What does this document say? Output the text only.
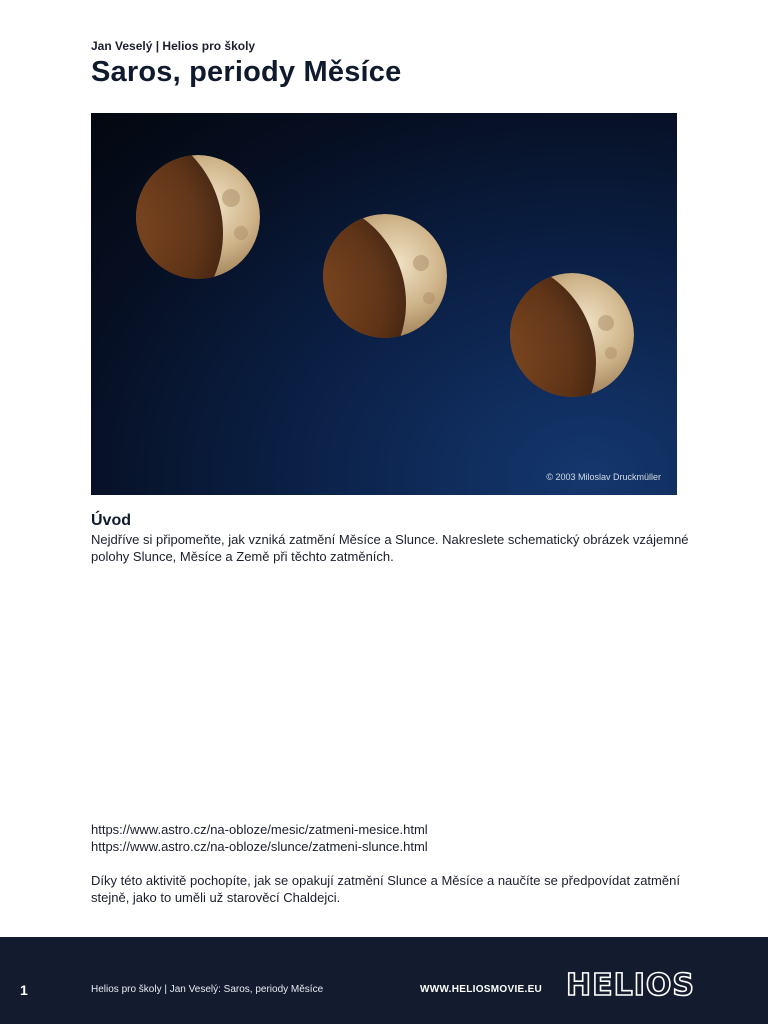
Jan Veselý | Helios pro školy
Saros, periody Měsíce
© 2003 Miloslav Druckmüller
Úvod

Nejdříve si připomeňte, jak vzniká zatmění Měsíce a Slunce. Nakreslete schematický obrázek vzájemné polohy Slunce, Měsíce a Země při těchto zatměních.

https://www.astro.cz/na-obloze/mesic/zatmeni-mesice.html
https://www.astro.cz/na-obloze/slunce/zatmeni-slunce.html

Díky této aktivitě pochopíte, jak se opakují zatmění Slunce a Měsíce a naučíte se předpovídat zatmění stejně, jako to uměli už starověcí Chaldejci.

1	Helios pro školy | Jan Veselý: Saros, periody Měsíce	WWW.HELIOSMOVIE.EU HELIOS
